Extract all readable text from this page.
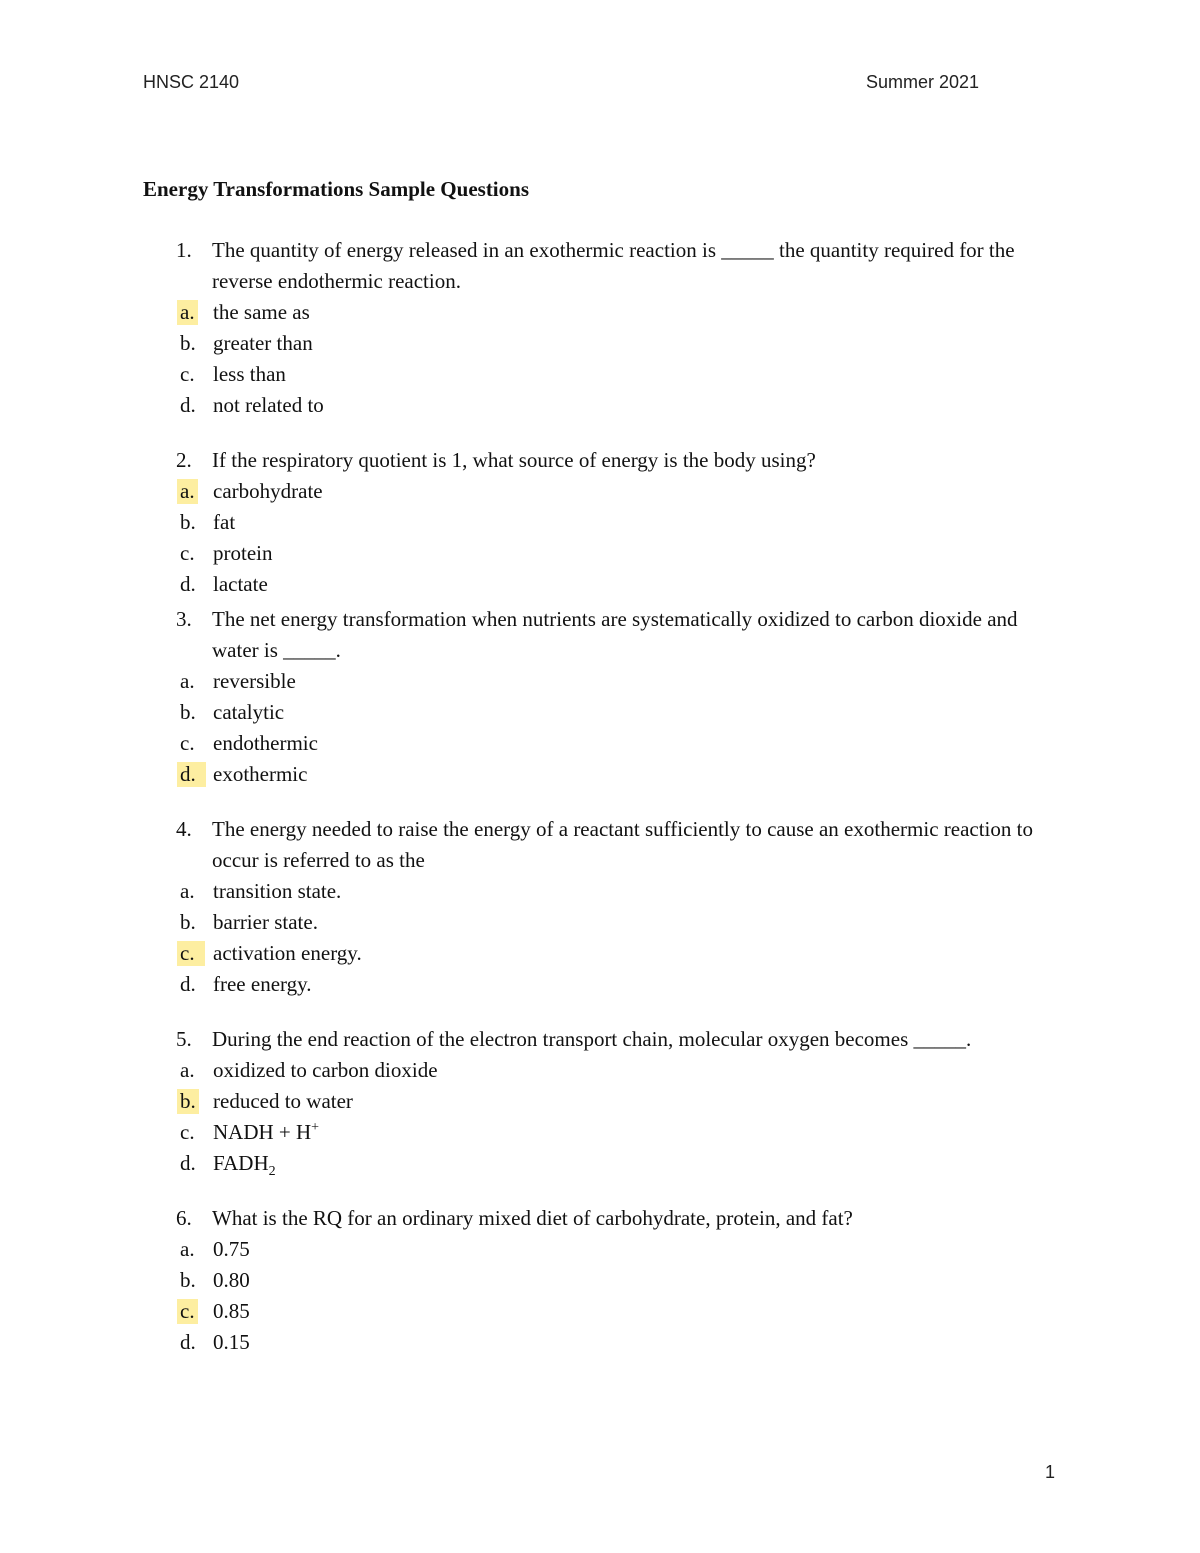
HNSC 2140	Summer 2021
Energy Transformations Sample Questions
1. The quantity of energy released in an exothermic reaction is _____ the quantity required for the reverse endothermic reaction.

a. the same as
b. greater than
c. less than
d. not related to
2. If the respiratory quotient is 1, what source of energy is the body using?

a. carbohydrate
b. fat
c. protein
d. lactate
3. The net energy transformation when nutrients are systematically oxidized to carbon dioxide and water is _____.

a. reversible
b. catalytic
c. endothermic
d. exothermic
4. The energy needed to raise the energy of a reactant sufficiently to cause an exothermic reaction to occur is referred to as the

a. transition state.
b. barrier state.
c. activation energy.
d. free energy.
5. During the end reaction of the electron transport chain, molecular oxygen becomes _____.

a. oxidized to carbon dioxide
b. reduced to water
c. NADH + H+
d. $FADH_2$
6. What is the RQ for an ordinary mixed diet of carbohydrate, protein, and fat?

a. 0.75
b. 0.80
c. 0.85
d. 0.15
1
